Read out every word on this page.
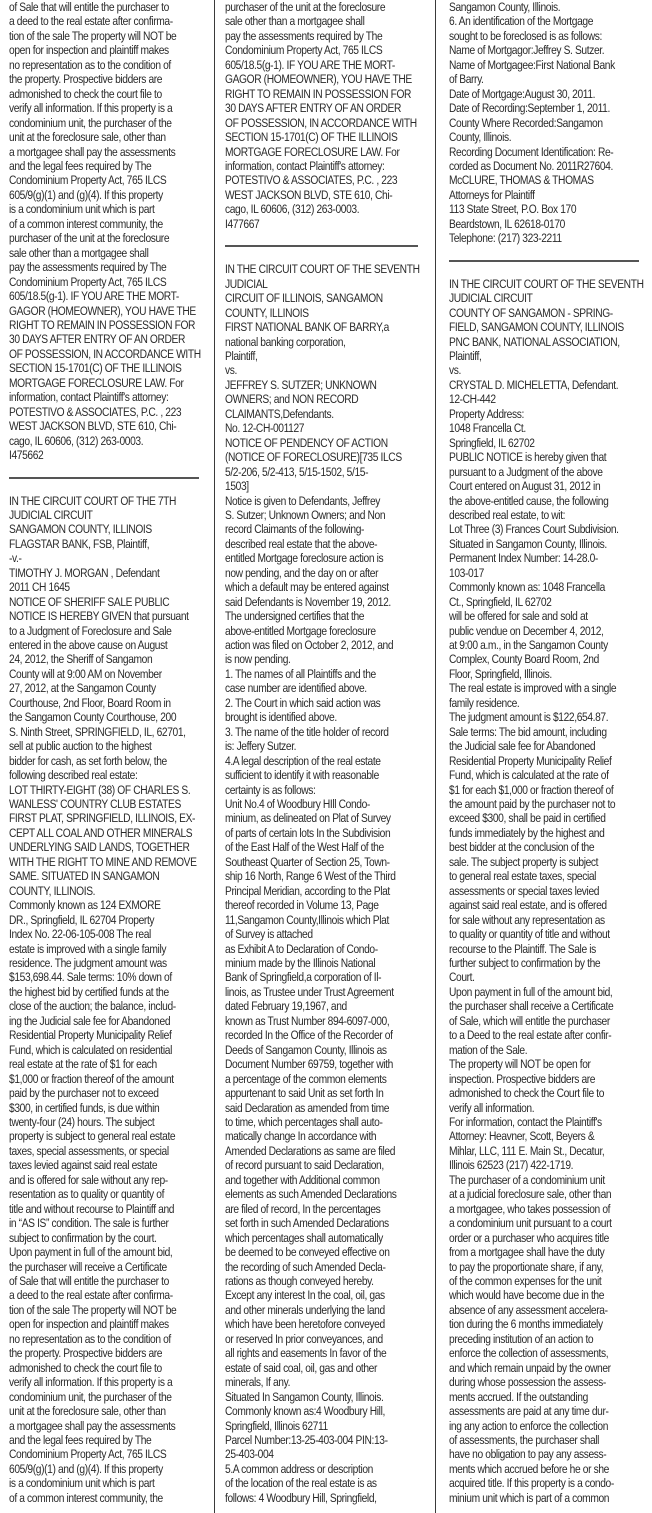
of Sale that will entitle the purchaser to
a deed to the real estate after confirma-
tion of the sale The property will NOT be
open for inspection and plaintiff makes
no representation as to the condition of
the property. Prospective bidders are
admonished to check the court file to
verify all information. If this property is a
condominium unit, the purchaser of the
unit at the foreclosure sale, other than
a mortgagee shall pay the assessments
and the legal fees required by The
Condominium Property Act, 765 ILCS
605/9(g)(1) and (g)(4). If this property
is a condominium unit which is part
of a common interest community, the
purchaser of the unit at the foreclosure
sale other than a mortgagee shall
pay the assessments required by The
Condominium Property Act, 765 ILCS
605/18.5(g-1). IF YOU ARE THE MORT-
GAGOR (HOMEOWNER), YOU HAVE THE
RIGHT TO REMAIN IN POSSESSION FOR
30 DAYS AFTER ENTRY OF AN ORDER
OF POSSESSION, IN ACCORDANCE WITH
SECTION 15-1701(C) OF THE ILLINOIS
MORTGAGE FORECLOSURE LAW. For
information, contact Plaintiff's attorney:
POTESTIVO & ASSOCIATES, P.C. , 223
WEST JACKSON BLVD, STE 610, Chi-
cago, IL 60606, (312) 263-0003.
I475662
IN THE CIRCUIT COURT OF THE 7TH
JUDICIAL CIRCUIT
SANGAMON COUNTY, ILLINOIS
FLAGSTAR BANK, FSB, Plaintiff,
-v.-
TIMOTHY J. MORGAN , Defendant
2011 CH 1645
NOTICE OF SHERIFF SALE PUBLIC
NOTICE IS HEREBY GIVEN that pursuant
to a Judgment of Foreclosure and Sale
entered in the above cause on August
24, 2012, the Sheriff of Sangamon
County will at 9:00 AM on November
27, 2012, at the Sangamon County
Courthouse, 2nd Floor, Board Room in
the Sangamon County Courthouse, 200
S. Ninth Street, SPRINGFIELD, IL, 62701,
sell at public auction to the highest
bidder for cash, as set forth below, the
following described real estate:
LOT THIRTY-EIGHT (38) OF CHARLES S.
WANLESS' COUNTRY CLUB ESTATES
FIRST PLAT, SPRINGFIELD, ILLINOIS, EX-
CEPT ALL COAL AND OTHER MINERALS
UNDERLYING SAID LANDS, TOGETHER
WITH THE RIGHT TO MINE AND REMOVE
SAME. SITUATED IN SANGAMON
COUNTY, ILLINOIS.
Commonly known as 124 EXMORE
DR., Springfield, IL 62704 Property
Index No. 22-06-105-008 The real
estate is improved with a single family
residence. The judgment amount was
$153,698.44. Sale terms: 10% down of
the highest bid by certified funds at the
close of the auction; the balance, includ-
ing the Judicial sale fee for Abandoned
Residential Property Municipality Relief
Fund, which is calculated on residential
real estate at the rate of $1 for each
$1,000 or fraction thereof of the amount
paid by the purchaser not to exceed
$300, in certified funds, is due within
twenty-four (24) hours. The subject
property is subject to general real estate
taxes, special assessments, or special
taxes levied against said real estate
and is offered for sale without any rep-
resentation as to quality or quantity of
title and without recourse to Plaintiff and
in “AS IS” condition. The sale is further
subject to confirmation by the court.
Upon payment in full of the amount bid,
the purchaser will receive a Certificate
of Sale that will entitle the purchaser to
a deed to the real estate after confirma-
tion of the sale The property will NOT be
open for inspection and plaintiff makes
no representation as to the condition of
the property. Prospective bidders are
admonished to check the court file to
verify all information. If this property is a
condominium unit, the purchaser of the
unit at the foreclosure sale, other than
a mortgagee shall pay the assessments
and the legal fees required by The
Condominium Property Act, 765 ILCS
605/9(g)(1) and (g)(4). If this property
is a condominium unit which is part
of a common interest community, the
purchaser of the unit at the foreclosure
sale other than a mortgagee shall
pay the assessments required by The
Condominium Property Act, 765 ILCS
605/18.5(g-1). IF YOU ARE THE MORT-
GAGOR (HOMEOWNER), YOU HAVE THE
RIGHT TO REMAIN IN POSSESSION FOR
30 DAYS AFTER ENTRY OF AN ORDER
OF POSSESSION, IN ACCORDANCE WITH
SECTION 15-1701(C) OF THE ILLINOIS
MORTGAGE FORECLOSURE LAW. For
information, contact Plaintiff's attorney:
POTESTIVO & ASSOCIATES, P.C. , 223
WEST JACKSON BLVD, STE 610, Chi-
cago, IL 60606, (312) 263-0003.
I477667
IN THE CIRCUIT COURT OF THE SEVENTH
JUDICIAL
CIRCUIT OF ILLINOIS, SANGAMON
COUNTY, ILLINOIS
FIRST NATIONAL BANK OF BARRY,a
national banking corporation,
Plaintiff,
vs.
JEFFREY S. SUTZER; UNKNOWN
OWNERS; and NON RECORD
CLAIMANTS,Defendants.
No. 12-CH-001127
NOTICE OF PENDENCY OF ACTION
(NOTICE OF FORECLOSURE)[735 ILCS
5/2-206, 5/2-413, 5/15-1502, 5/15-
1503]
Notice is given to Defendants, Jeffrey
S. Sutzer; Unknown Owners; and Non
record Claimants of the following-
described real estate that the above-
entitled Mortgage foreclosure action is
now pending, and the day on or after
which a default may be entered against
said Defendants is November 19, 2012.
The undersigned certifies that the
above-entitled Mortgage foreclosure
action was filed on October 2, 2012, and
is now pending.
1. The names of all Plaintiffs and the
case number are identified above.
2. The Court in which said action was
brought is identified above.
3. The name of the title holder of record
is: Jeffery Sutzer.
4.A legal description of the real estate
sufficient to identify it with reasonable
certainty is as follows:
Unit No.4 of Woodbury HIll Condo-
minium, as delineated on Plat of Survey
of parts of certain lots In the Subdivision
of the East Half of the West Half of the
Southeast Quarter of Section 25, Town-
ship 16 North, Range 6 West of the Third
Principal Meridian, according to the Plat
thereof recorded in Volume 13, Page
11,Sangamon County,Illinois which Plat
of Survey is attached
as Exhibit A to Declaration of Condo-
minium made by the Illinois National
Bank of Springfield,a corporation of Il-
linois, as Trustee under Trust Agreement
dated February 19,1967, and
known as Trust Number 894-6097-000,
recorded In the Office of the Recorder of
Deeds of Sangamon County, Illinois as
Document Number 69759, together with
a percentage of the common elements
appurtenant to said Unit as set forth In
said Declaration as amended from time
to time, which percentages shall auto-
matically change In accordance with
Amended Declarations as same are filed
of record pursuant to said Declaration,
and together with Additional common
elements as such Amended Declarations
are filed of record, In the percentages
set forth in such Amended Declarations
which percentages shall automatically
be deemed to be conveyed effective on
the recording of such Amended Decla-
rations as though conveyed hereby.
Except any interest In the coal, oil, gas
and other minerals underlying the land
which have been heretofore conveyed
or reserved In prior conveyances, and
all rights and easements In favor of the
estate of said coal, oil, gas and other
minerals, If any.
Situated In Sangamon County, Illinois.
Commonly known as:4 Woodbury Hill,
Springfield, Illinois 62711
Parcel Number:13-25-403-004 PIN:13-
25-403-004
5.A common address or description
of the location of the real estate is as
follows: 4 Woodbury Hill, Springfield,
Sangamon County, Illinois.
6. An identification of the Mortgage
sought to be foreclosed is as follows:
Name of Mortgagor:Jeffrey S. Sutzer.
Name of Mortgagee:First National Bank
of Barry.
Date of Mortgage:August 30, 2011.
Date of Recording:September 1, 2011.
County Where Recorded:Sangamon
County, Illinois.
Recording Document Identification: Re-
corded as Document No. 2011R27604.
McCLURE, THOMAS & THOMAS
Attorneys for Plaintiff
113 State Street, P.O. Box 170
Beardstown, IL 62618-0170
Telephone: (217) 323-2211
IN THE CIRCUIT COURT OF THE SEVENTH
JUDICIAL CIRCUIT
COUNTY OF SANGAMON - SPRING-
FIELD, SANGAMON COUNTY, ILLINOIS
PNC BANK, NATIONAL ASSOCIATION,
Plaintiff,
vs.
CRYSTAL D. MICHELETTA, Defendant.
12-CH-442
Property Address:
1048 Francella Ct.
Springfield, IL 62702
PUBLIC NOTICE is hereby given that
pursuant to a Judgment of the above
Court entered on August 31, 2012 in
the above-entitled cause, the following
described real estate, to wit:
Lot Three (3) Frances Court Subdivision.
Situated in Sangamon County, Illinois.
Permanent Index Number: 14-28.0-
103-017
Commonly known as: 1048 Francella
Ct., Springfield, IL 62702
will be offered for sale and sold at
public vendue on December 4, 2012,
at 9:00 a.m., in the Sangamon County
Complex, County Board Room, 2nd
Floor, Springfield, Illinois.
The real estate is improved with a single
family residence.
The judgment amount is $122,654.87.
Sale terms: The bid amount, including
the Judicial sale fee for Abandoned
Residential Property Municipality Relief
Fund, which is calculated at the rate of
$1 for each $1,000 or fraction thereof of
the amount paid by the purchaser not to
exceed $300, shall be paid in certified
funds immediately by the highest and
best bidder at the conclusion of the
sale. The subject property is subject
to general real estate taxes, special
assessments or special taxes levied
against said real estate, and is offered
for sale without any representation as
to quality or quantity of title and without
recourse to the Plaintiff. The Sale is
further subject to confirmation by the
Court.
Upon payment in full of the amount bid,
the purchaser shall receive a Certificate
of Sale, which will entitle the purchaser
to a Deed to the real estate after confir-
mation of the Sale.
The property will NOT be open for
inspection. Prospective bidders are
admonished to check the Court file to
verify all information.
For information, contact the Plaintiff's
Attorney: Heavner, Scott, Beyers &
Mihlar, LLC, 111 E. Main St., Decatur,
Illinois 62523 (217) 422-1719.
The purchaser of a condominium unit
at a judicial foreclosure sale, other than
a mortgagee, who takes possession of
a condominium unit pursuant to a court
order or a purchaser who acquires title
from a mortgagee shall have the duty
to pay the proportionate share, if any,
of the common expenses for the unit
which would have become due in the
absence of any assessment accelera-
tion during the 6 months immediately
preceding institution of an action to
enforce the collection of assessments,
and which remain unpaid by the owner
during whose possession the assess-
ments accrued. If the outstanding
assessments are paid at any time dur-
ing any action to enforce the collection
of assessments, the purchaser shall
have no obligation to pay any assess-
ments which accrued before he or she
acquired title. If this property is a condo-
minium unit which is part of a common
